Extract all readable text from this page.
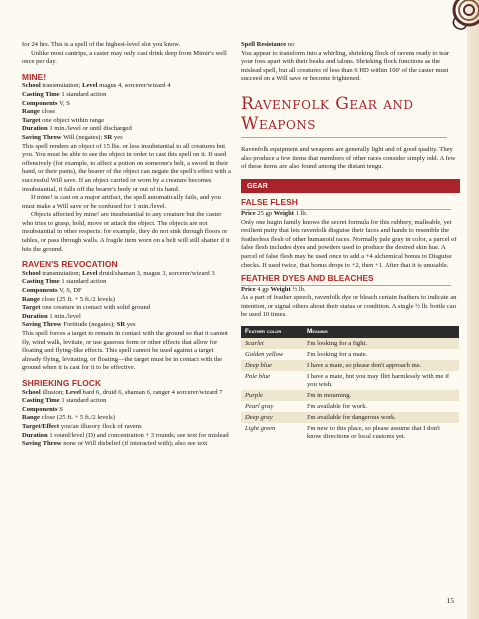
for 24 hrs. This is a spell of the highest-level slot you know.

Unlike most cantrips, a caster may only cast drink deep from Mimir's well once per day.

MINE!

School transmutation; Level magus 4, sorcerer/wizard 4

Casting Time 1 standard action

Components V, S

Range close

Target one object within range

Duration 1 min./level or until discharged

Saving Throw Will (negates); SR yes

This spell renders an object of 15 lbs. or less insubstantial to all creatures but you. You must be able to see the object in order to cast this spell on it. If used offensively (for example, to affect a potion on someone's belt, a sword in their hand, or their pants), the bearer of the object can negate the spell's effect with a successful Will save. If an object carried or worn by a creature becomes insubstantial, it falls off the bearer's body or out of its hand.

If mine! is cast on a major artifact, the spell automatically fails, and you must make a Will save or be confused for 1 min./level.

Objects affected by mine! are insubstantial to any creature but the caster who tries to grasp, hold, move or attack the object. The objects are not insubstantial in other respects: for example, they do not sink through floors or tables, or pass through walls. A fragile item worn on a belt will still shatter if it hits the ground.

RAVEN'S REVOCATION

School transmutation; Level druid/shaman 3, magus 3, sorcerer/wizard 3

Casting Time 1 standard action

Components V, S, DF

Range close (25 ft. + 5 ft./2 levels)

Target one creature in contact with solid ground

Duration 1 min./level

Saving Throw Fortitude (negates); SR yes

This spell forces a target to remain in contact with the ground so that it cannot fly, wind walk, levitate, or use gaseous form or other effects that allow for floating and flying-like effects. This spell cannot be used against a target already flying, levitating, or floating—the target must be in contact with the ground when it is cast for it to be effective.

SHRIEKING FLOCK

School illusion; Level bard 6, druid 6, shaman 6, ranger 4 sorcerer/wizard 7

Casting Time 1 standard action

Components S

Range close (25 ft. + 5 ft./2 levels)

Target/Effect you/an illusory flock of ravens

Duration 1 round/level (D) and concentration + 3 rounds; see text for mislead

Saving Throw none or Will disbelief (if interacted with); also see text

Spell Resistance no

You appear to transform into a whirling, shrieking flock of ravens ready to tear your foes apart with their beaks and talons. Shrieking flock functions as the mislead spell, but all creatures of less than 6 HD within 100' of the caster must succeed on a Will save or become frightened.

Ravenfolk Gear and Weapons

Ravenfolk equipment and weapons are generally light and of good quality. They also produce a few items that members of other races consider simply odd. A few of these items are also found among the distant tengu.

GEAR
FALSE FLESH

Price 25 gp Weight 1 lb.

Only one hugin family knows the secret formula for this rubbery, malleable, yet resilient putty that lets ravenfolk disguise their faces and hands to resemble the featherless flesh of other humanoid races. Normally pale gray in color, a parcel of false flesh includes dyes and powders used to produce the desired skin hue. A parcel of false flesh may be used once to add a +4 alchemical bonus to Disguise checks. If used twice, that bonus drops to +2, then +1. After that it is unusable.

FEATHER DYES AND BLEACHES

Price 4 gp Weight ½ lb.

As a part of feather speech, ravenfolk dye or bleach certain feathers to indicate an intention, or signal others about their status or condition. A single ½ lb. bottle can be used 10 times.

Feather color	Meaning
Scarlet	I'm looking for a fight.
Golden yellow	I'm looking for a mate.
Deep blue	I have a mate, so please don't approach me.
Pale blue	I have a mate, but you may flirt harmlessly with me if you wish.
Purple	I'm in mourning.
Pearl gray	I'm available for work.
Deep gray	I'm available for dangerous work.
Light green	I'm new to this place, so please assume that I don't know directions or local customs yet.
15
